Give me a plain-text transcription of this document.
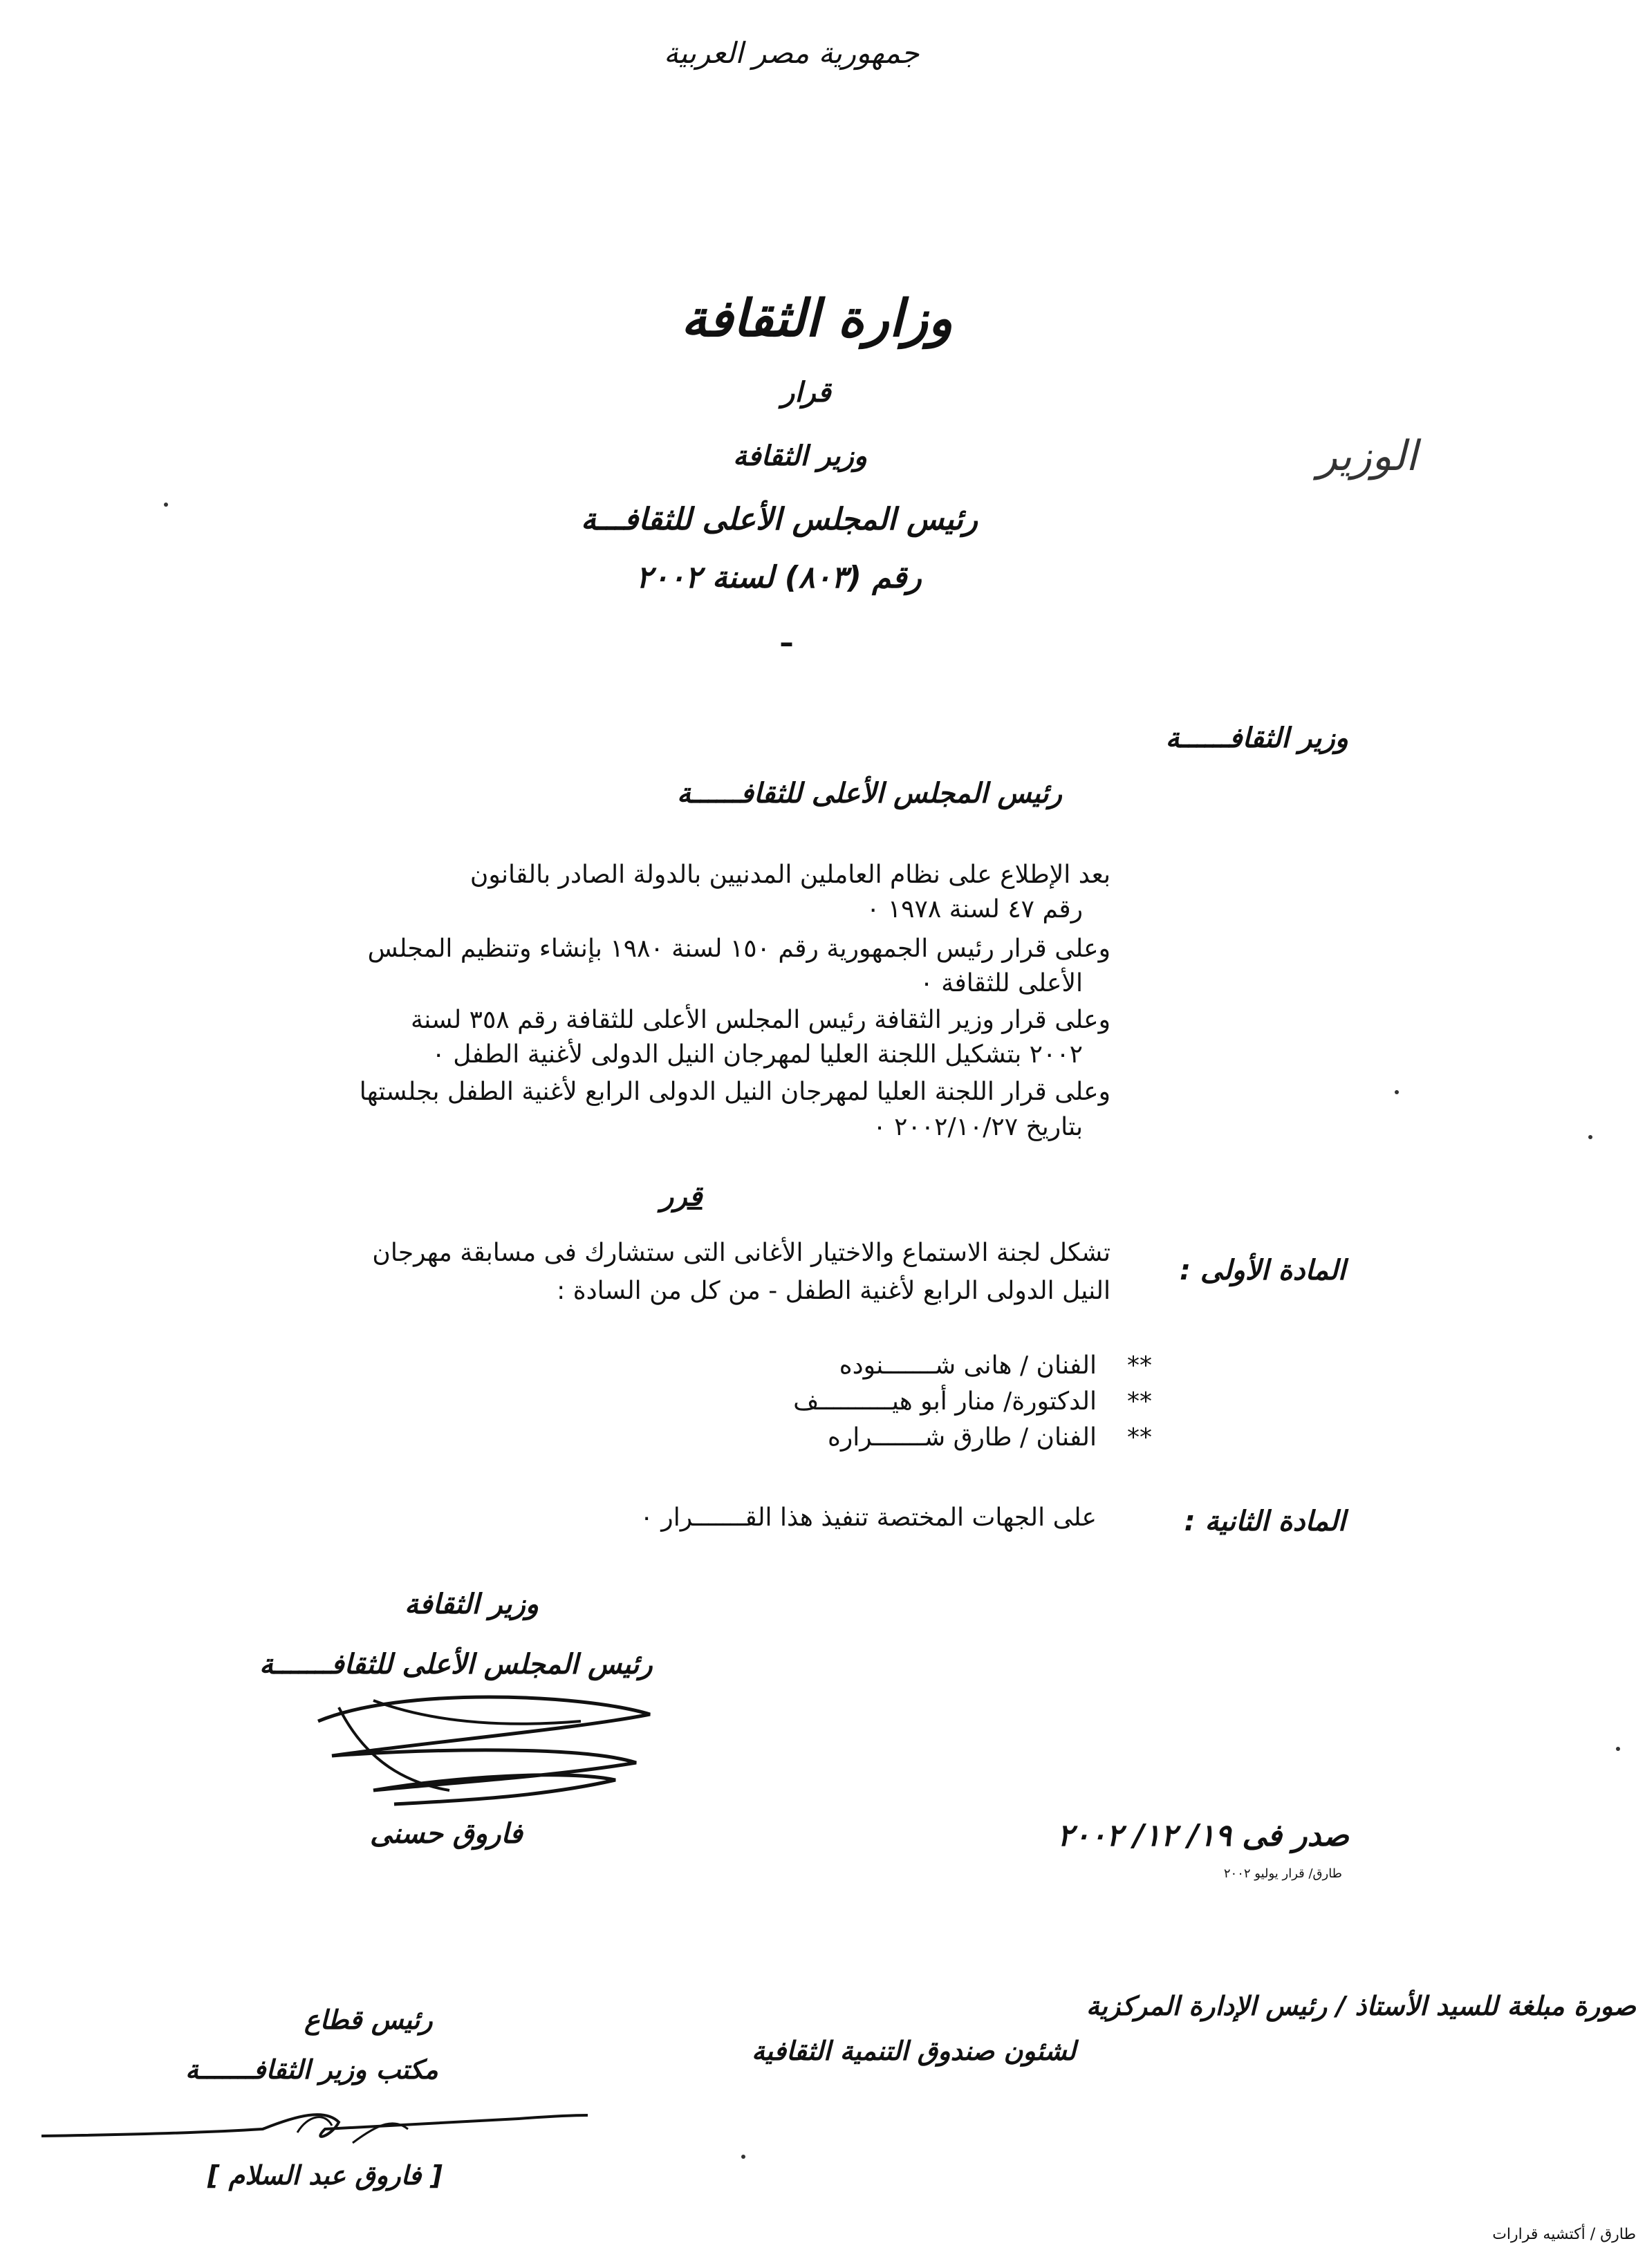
جمهورية مصر العربية
وزارة الثقافة
الوزير
قرار
وزير الثقافة
رئيس المجلس الأعلى للثقافـــة
رقم (٨٠٣) لسنة ٢٠٠٢
ـ
وزير الثقافــــــة
رئيس المجلس الأعلى للثقافــــــة
بعد الإطلاع على نظام العاملين المدنيين بالدولة الصادر بالقانون
رقم ٤٧ لسنة ١٩٧٨ ٠
وعلى قرار رئيس الجمهورية رقم ١٥٠ لسنة ١٩٨٠ بإنشاء وتنظيم المجلس
الأعلى للثقافة ٠
وعلى قرار وزير الثقافة رئيس المجلس الأعلى للثقافة رقم ٣٥٨ لسنة
٢٠٠٢ بتشكيل اللجنة العليا لمهرجان النيل الدولى لأغنية الطفل ٠
وعلى قرار اللجنة العليا لمهرجان النيل الدولى الرابع لأغنية الطفل بجلستها
بتاريخ ٢٠٠٢/١٠/٢٧ ٠
قرر
المادة الأولى :
تشكل لجنة الاستماع والاختيار الأغانى التى ستشارك فى مسابقة مهرجان
النيل الدولى الرابع لأغنية الطفل - من كل من السادة :
**
الفنان / هانى شـــــــنوده
**
الدكتورة/ منار أبو هيــــــــــف
**
الفنان / طارق شـــــــراره
المادة الثانية :
على الجهات المختصة تنفيذ هذا القـــــــرار ٠
وزير الثقافة
رئيس المجلس الأعلى للثقافـــــــة
فاروق حسنى	صدر فى ١٩/ ١٢/ ٢٠٠٢
طارق/ قرار يوليو ٢٠٠٢
صورة مبلغة للسيد الأستاذ / رئيس الإدارة المركزية
لشئون صندوق التنمية الثقافية
رئيس قطاع
مكتب وزير الثقافـــــــة
[ فاروق عبد السلام ]
طارق / أكتشيه قرارات
